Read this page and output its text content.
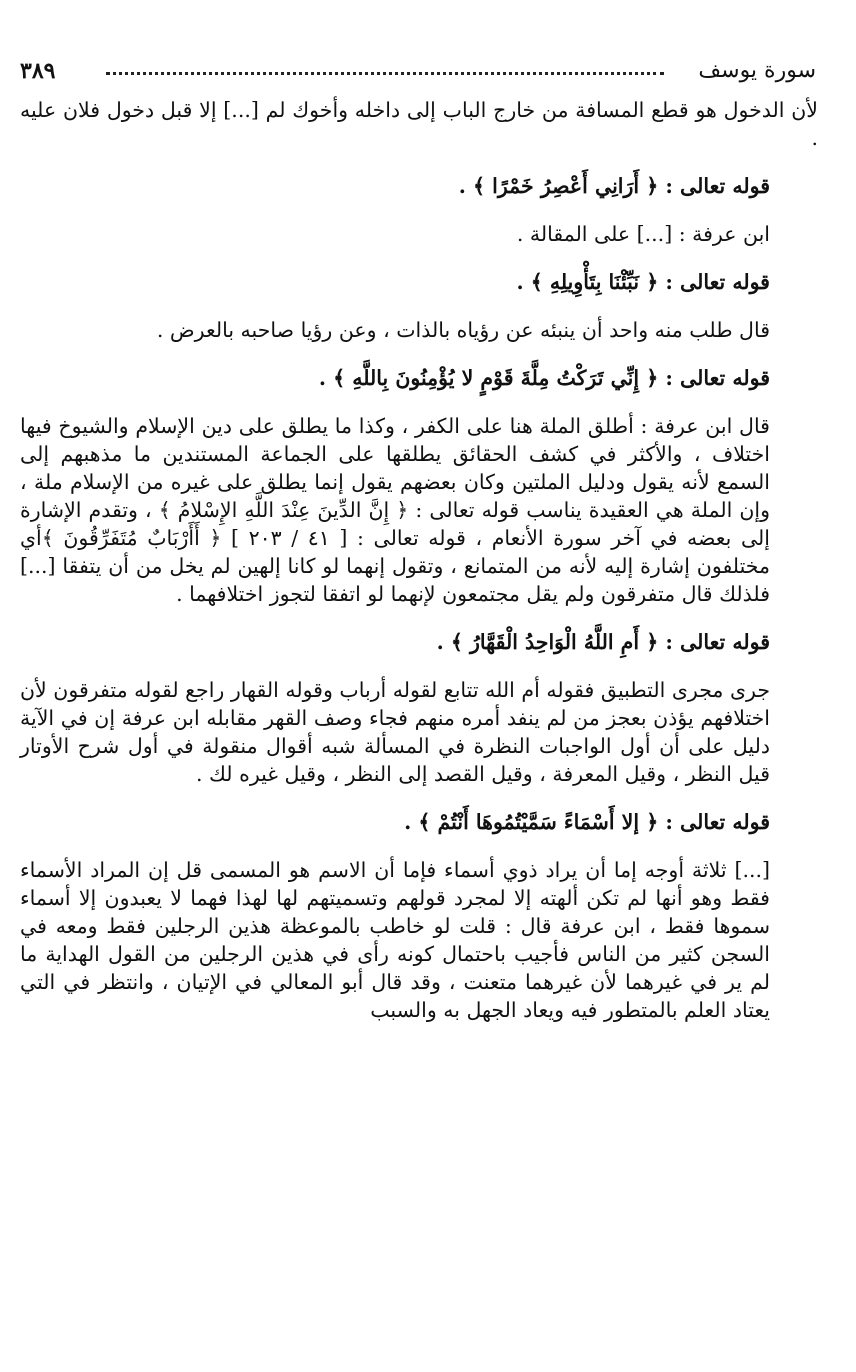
سورة يوسف
٣٨٩

لأن الدخول هو قطع المسافة من خارج الباب إلى داخله وأخوك لم [...] إلا قبل دخول فلان عليه .

قوله تعالى : ﴿ أَرَانِي أَعْصِرُ خَمْرًا ﴾ .

ابن عرفة : [...] على المقالة .

قوله تعالى : ﴿ نَبِّئْنَا بِتَأْوِيلِهِ ﴾ .

قال طلب منه واحد أن ينبئه عن رؤياه بالذات ، وعن رؤيا صاحبه بالعرض .

قوله تعالى : ﴿ إِنِّي تَرَكْتُ مِلَّةَ قَوْمٍ لا يُؤْمِنُونَ بِاللَّهِ ﴾ .

قال ابن عرفة : أطلق الملة هنا على الكفر ، وكذا ما يطلق على دين الإسلام والشيوخ فيها اختلاف ، والأكثر في كشف الحقائق يطلقها على الجماعة المستندين ما مذهبهم إلى السمع لأنه يقول ودليل الملتين وكان بعضهم يقول إنما يطلق على غيره من الإسلام ملة ، وإن الملة هي العقيدة يناسب قوله تعالى : ﴿ إِنَّ الدِّينَ عِنْدَ اللَّهِ الإِسْلامُ ﴾ ، وتقدم الإشارة إلى بعضه في آخر سورة الأنعام ، قوله تعالى : [ ٤١ / ٢٠٣ ] ﴿ أَأَرْبَابٌ مُتَفَرِّقُونَ ﴾أي مختلفون إشارة إليه لأنه من المتمانع ، وتقول إنهما لو كانا إلهين لم يخل من أن يتفقا [...] فلذلك قال متفرقون ولم يقل مجتمعون لإنهما لو اتفقا لتجوز اختلافهما .

قوله تعالى : ﴿ أَمِ اللَّهُ الْوَاحِدُ الْقَهَّارُ ﴾ .

جرى مجرى التطبيق فقوله أم الله تتابع لقوله أرباب وقوله القهار راجع لقوله متفرقون لأن اختلافهم يؤذن بعجز من لم ينفد أمره منهم فجاء وصف القهر مقابله ابن عرفة إن في الآية دليل على أن أول الواجبات النظرة في المسألة شبه أقوال منقولة في أول شرح الأوتار قيل النظر ، وقيل المعرفة ، وقيل القصد إلى النظر ، وقيل غيره لك .

قوله تعالى : ﴿ إلا أَسْمَاءً سَمَّيْتُمُوهَا أَنْتُمْ ﴾ .

[...] ثلاثة أوجه إما أن يراد ذوي أسماء فإما أن الاسم هو المسمى قل إن المراد الأسماء فقط وهو أنها لم تكن ألهته إلا لمجرد قولهم وتسميتهم لها لهذا فهما لا يعبدون إلا أسماء سموها فقط ، ابن عرفة قال : قلت لو خاطب بالموعظة هذين الرجلين فقط ومعه في السجن كثير من الناس فأجيب باحتمال كونه رأى في هذين الرجلين من القول الهداية ما لم ير في غيرهما لأن غيرهما متعنت ، وقد قال أبو المعالي في الإتيان ، وانتظر في التي يعتاد العلم بالمتطور فيه ويعاد الجهل به والسبب
